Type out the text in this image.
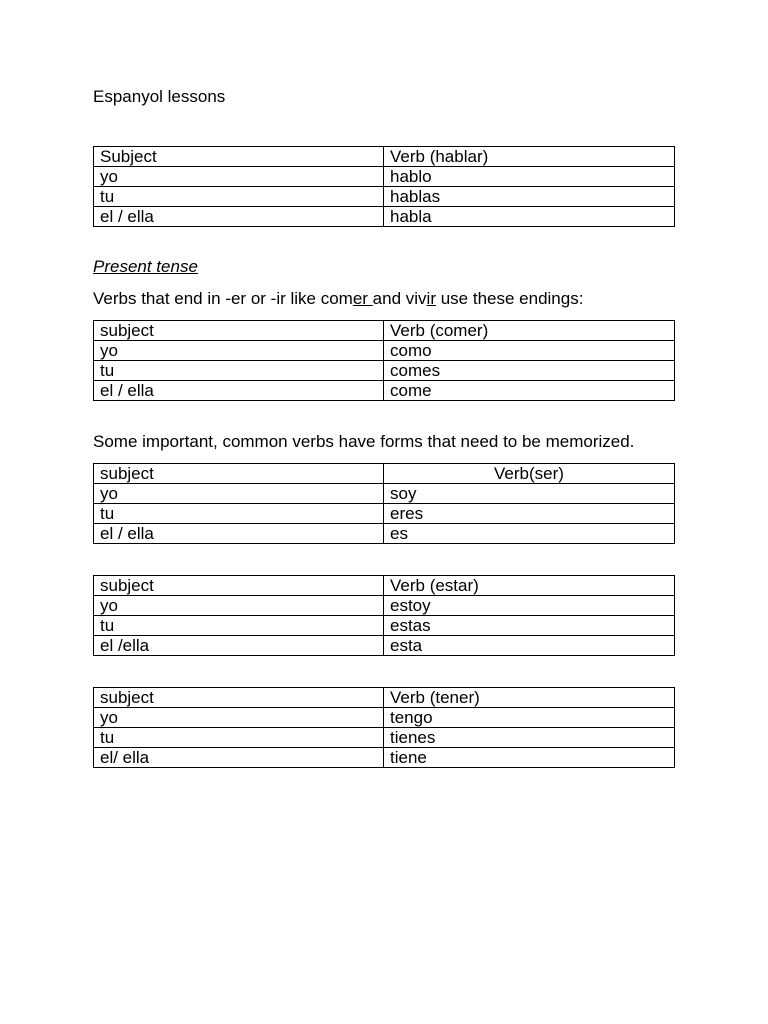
Espanyol lessons

Subject	Verb (hablar)
yo	hablo
tu	hablas
el / ella	habla

Present tense

Verbs that end in -er or -ir like comer and vivir use these endings:

subject	Verb (comer)
yo	como
tu	comes
el / ella	come

Some important, common verbs have forms that need to be memorized.

subject	Verb(ser)
yo	soy
tu	eres
el / ella	es
subject	Verb (estar)
yo	estoy
tu	estas
el /ella	esta
subject	Verb (tener)
yo	tengo
tu	tienes
el/ ella	tiene
